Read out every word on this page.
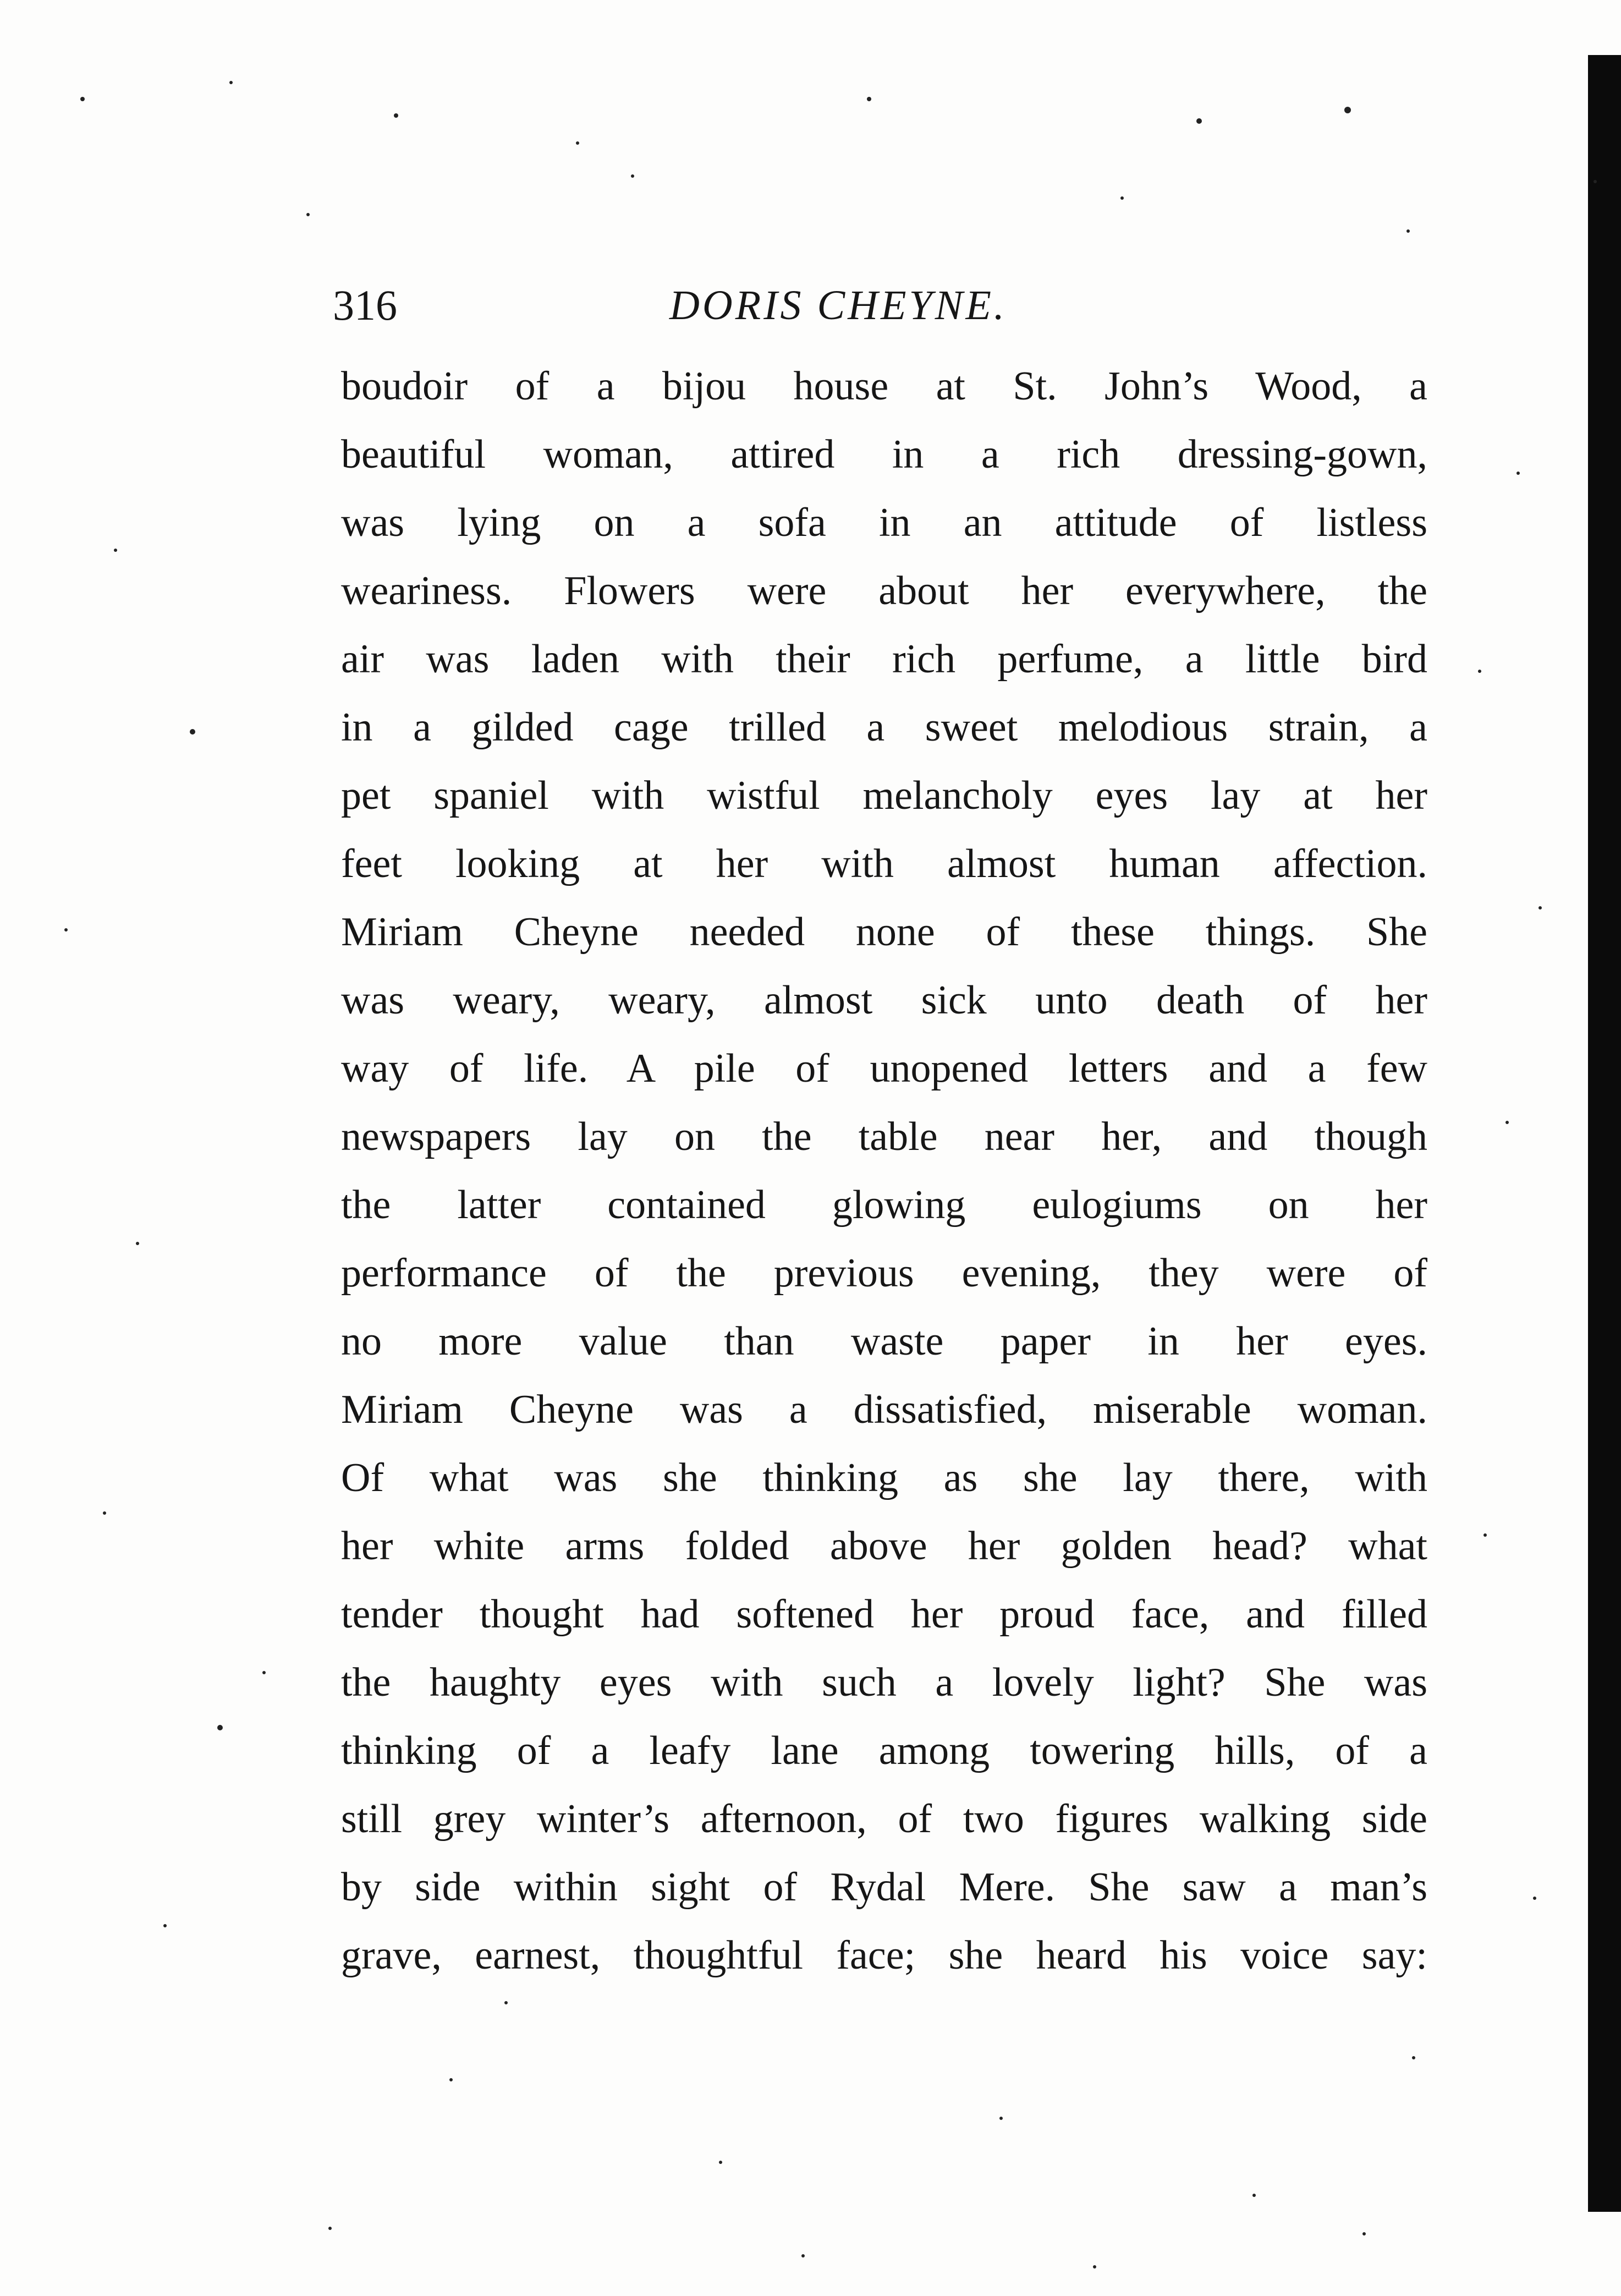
316	DORIS CHEYNE.
boudoir of a bijou house at St. John’s Wood, a
beautiful woman, attired in a rich dressing-gown,
was lying on a sofa in an attitude of listless
weariness. Flowers were about her everywhere, the
air was laden with their rich perfume, a little bird
in a gilded cage trilled a sweet melodious strain, a
pet spaniel with wistful melancholy eyes lay at her
feet looking at her with almost human affection.
Miriam Cheyne needed none of these things. She
was weary, weary, almost sick unto death of her
way of life. A pile of unopened letters and a few
newspapers lay on the table near her, and though
the latter contained glowing eulogiums on her
performance of the previous evening, they were of
no more value than waste paper in her eyes.
Miriam Cheyne was a dissatisfied, miserable woman.
Of what was she thinking as she lay there, with
her white arms folded above her golden head? what
tender thought had softened her proud face, and filled
the haughty eyes with such a lovely light? She was
thinking of a leafy lane among towering hills, of a
still grey winter’s afternoon, of two figures walking side
by side within sight of Rydal Mere. She saw a man’s
grave, earnest, thoughtful face; she heard his voice say:
